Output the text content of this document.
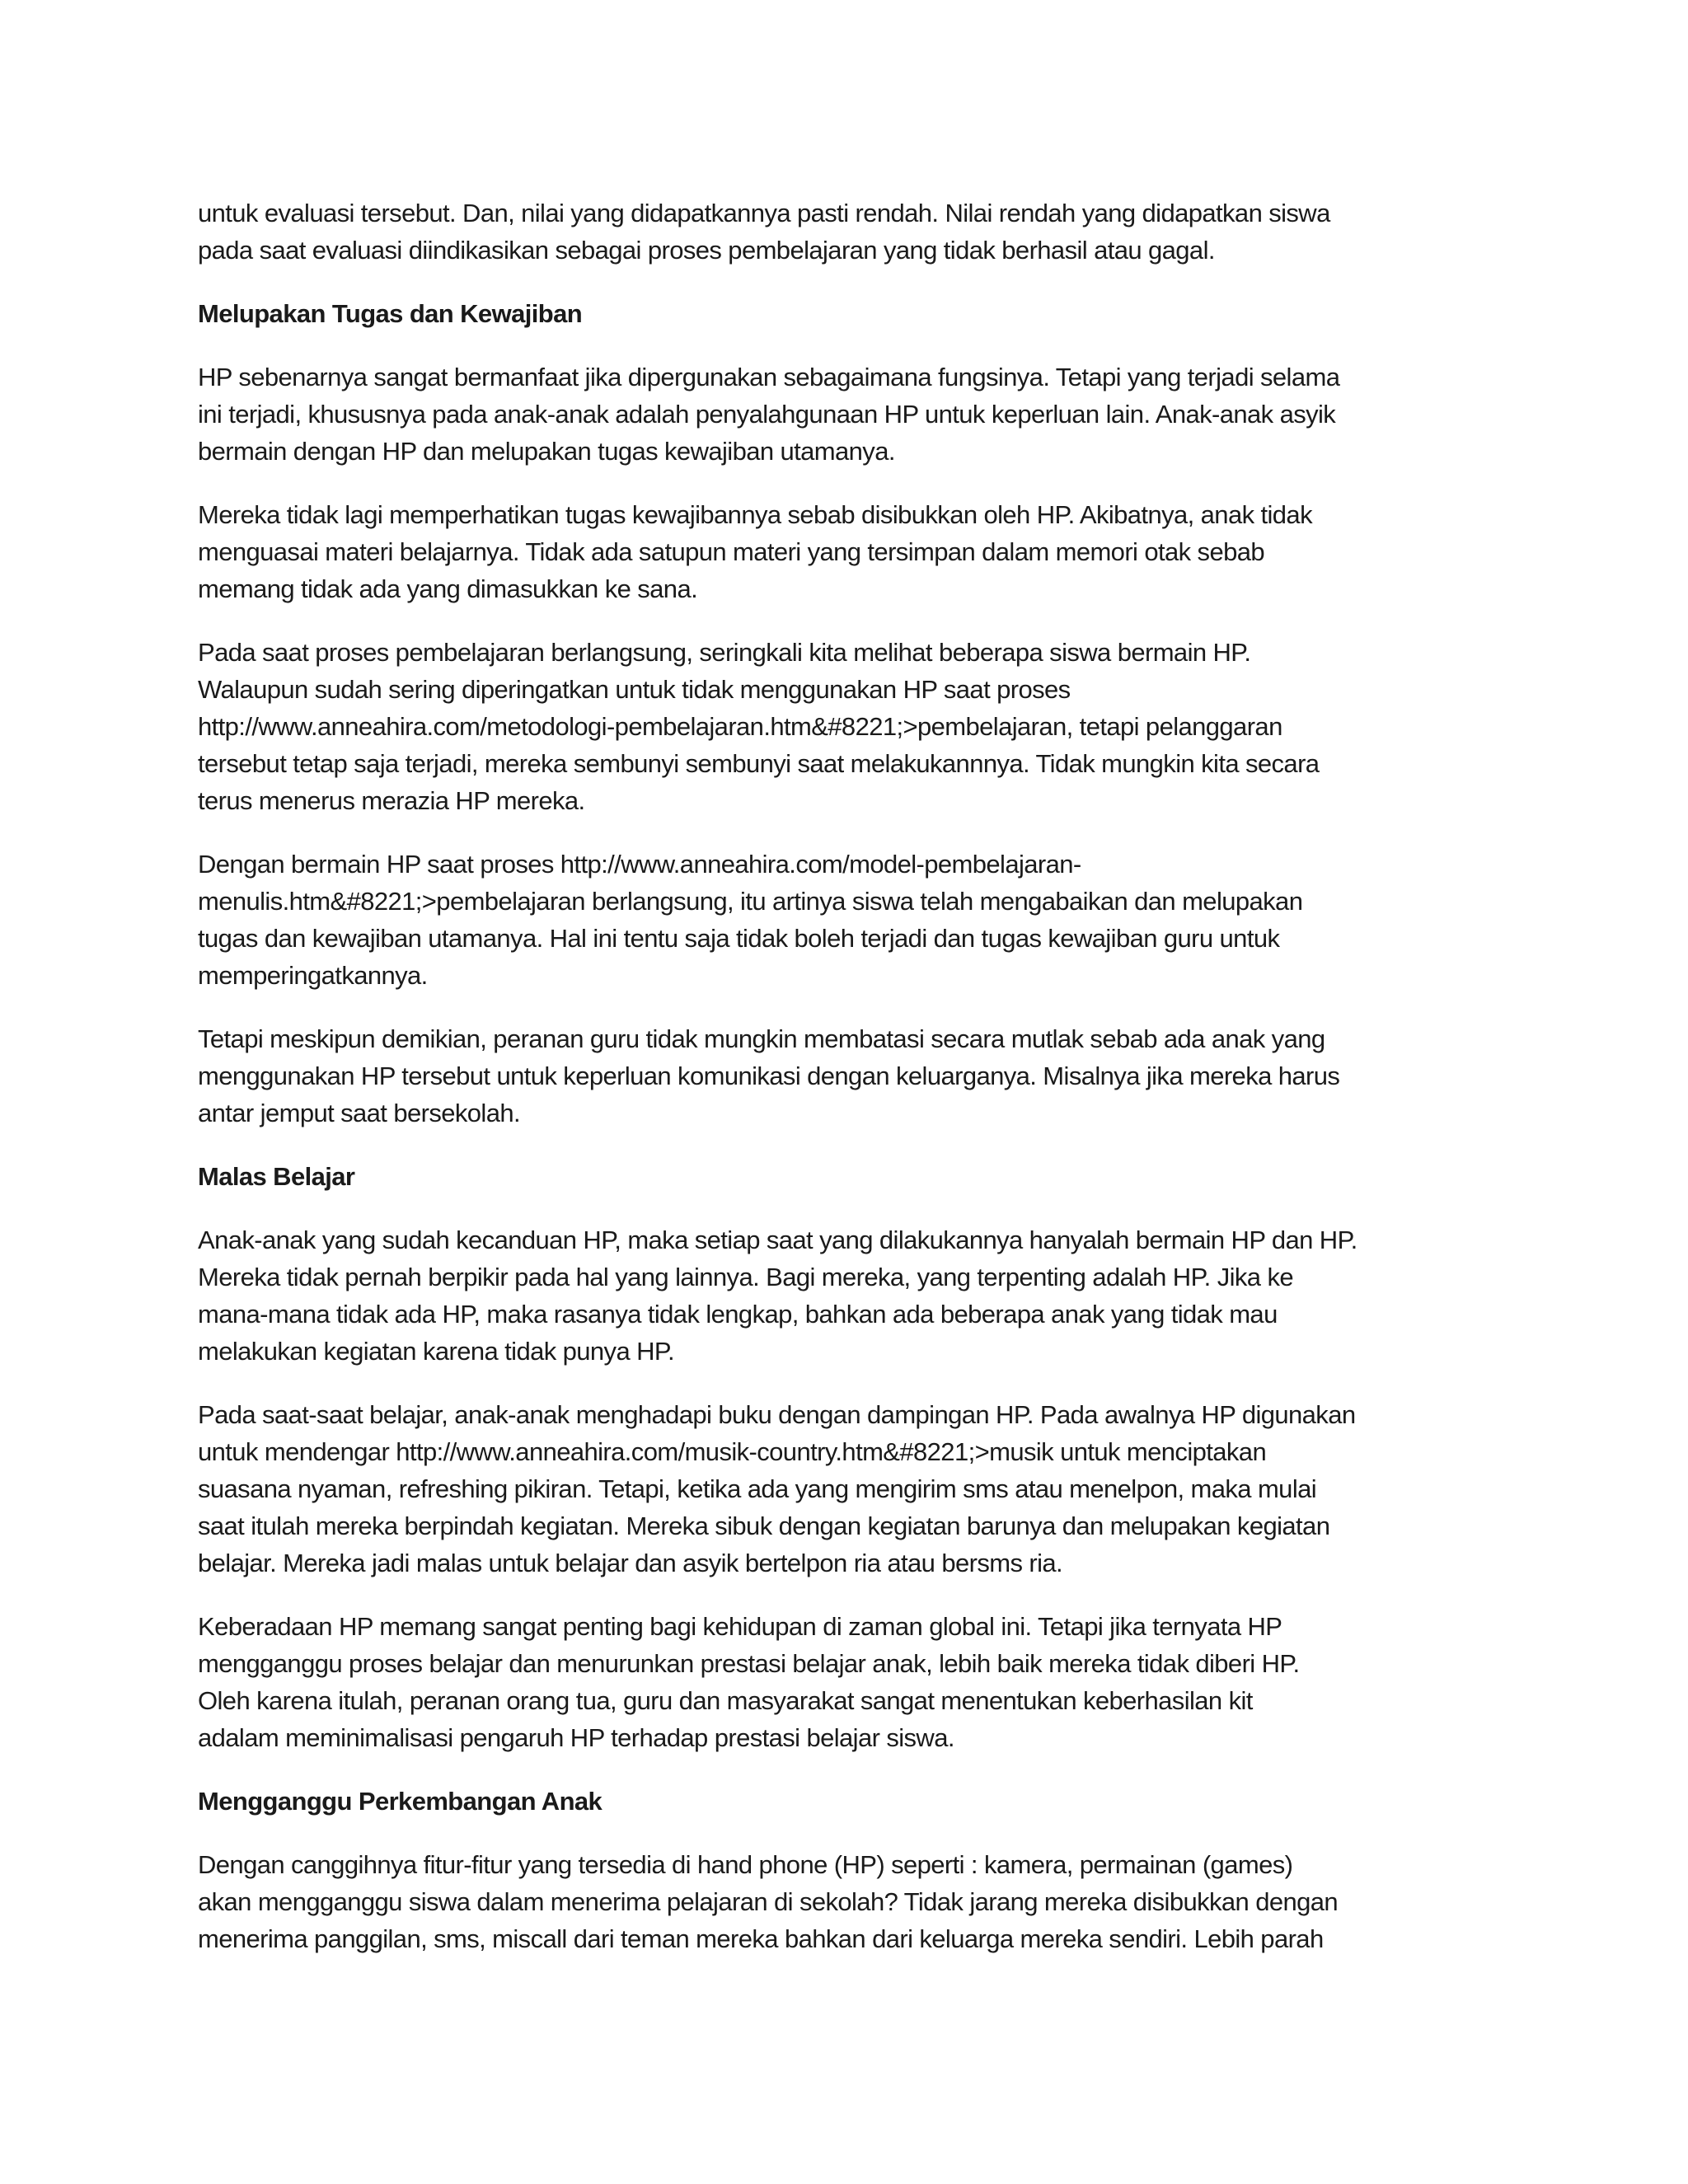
untuk evaluasi tersebut. Dan, nilai yang didapatkannya pasti rendah. Nilai rendah yang didapatkan siswa
pada saat evaluasi diindikasikan sebagai proses pembelajaran yang tidak berhasil atau gagal.

Melupakan Tugas dan Kewajiban

HP sebenarnya sangat bermanfaat jika dipergunakan sebagaimana fungsinya. Tetapi yang terjadi selama
ini terjadi, khususnya pada anak-anak adalah penyalahgunaan HP untuk keperluan lain. Anak-anak asyik
bermain dengan HP dan melupakan tugas kewajiban utamanya.

Mereka tidak lagi memperhatikan tugas kewajibannya sebab disibukkan oleh HP. Akibatnya, anak tidak
menguasai materi belajarnya. Tidak ada satupun materi yang tersimpan dalam memori otak sebab
memang tidak ada yang dimasukkan ke sana.

Pada saat proses pembelajaran berlangsung, seringkali kita melihat beberapa siswa bermain HP.
Walaupun sudah sering diperingatkan untuk tidak menggunakan HP saat proses
http://www.anneahira.com/metodologi-pembelajaran.htm&#8221;>pembelajaran, tetapi pelanggaran
tersebut tetap saja terjadi, mereka sembunyi sembunyi saat melakukannnya. Tidak mungkin kita secara
terus menerus merazia HP mereka.

Dengan bermain HP saat proses http://www.anneahira.com/model-pembelajaran-
menulis.htm&#8221;>pembelajaran berlangsung, itu artinya siswa telah mengabaikan dan melupakan
tugas dan kewajiban utamanya. Hal ini tentu saja tidak boleh terjadi dan tugas kewajiban guru untuk
memperingatkannya.

Tetapi meskipun demikian, peranan guru tidak mungkin membatasi secara mutlak sebab ada anak yang
menggunakan HP tersebut untuk keperluan komunikasi dengan keluarganya. Misalnya jika mereka harus
antar jemput saat bersekolah.

Malas Belajar

Anak-anak yang sudah kecanduan HP, maka setiap saat yang dilakukannya hanyalah bermain HP dan HP.
Mereka tidak pernah berpikir pada hal yang lainnya. Bagi mereka, yang terpenting adalah HP. Jika ke
mana-mana tidak ada HP, maka rasanya tidak lengkap, bahkan ada beberapa anak yang tidak mau
melakukan kegiatan karena tidak punya HP.

Pada saat-saat belajar, anak-anak menghadapi buku dengan dampingan HP. Pada awalnya HP digunakan
untuk mendengar http://www.anneahira.com/musik-country.htm&#8221;>musik untuk menciptakan
suasana nyaman, refreshing pikiran. Tetapi, ketika ada yang mengirim sms atau menelpon, maka mulai
saat itulah mereka berpindah kegiatan. Mereka sibuk dengan kegiatan barunya dan melupakan kegiatan
belajar. Mereka jadi malas untuk belajar dan asyik bertelpon ria atau bersms ria.

Keberadaan HP memang sangat penting bagi kehidupan di zaman global ini. Tetapi jika ternyata HP
mengganggu proses belajar dan menurunkan prestasi belajar anak, lebih baik mereka tidak diberi HP.
Oleh karena itulah, peranan orang tua, guru dan masyarakat sangat menentukan keberhasilan kit
adalam meminimalisasi pengaruh HP terhadap prestasi belajar siswa.

Mengganggu Perkembangan Anak

Dengan canggihnya fitur-fitur yang tersedia di hand phone (HP) seperti : kamera, permainan (games)
akan mengganggu siswa dalam menerima pelajaran di sekolah? Tidak jarang mereka disibukkan dengan
menerima panggilan, sms, miscall dari teman mereka bahkan dari keluarga mereka sendiri. Lebih parah
